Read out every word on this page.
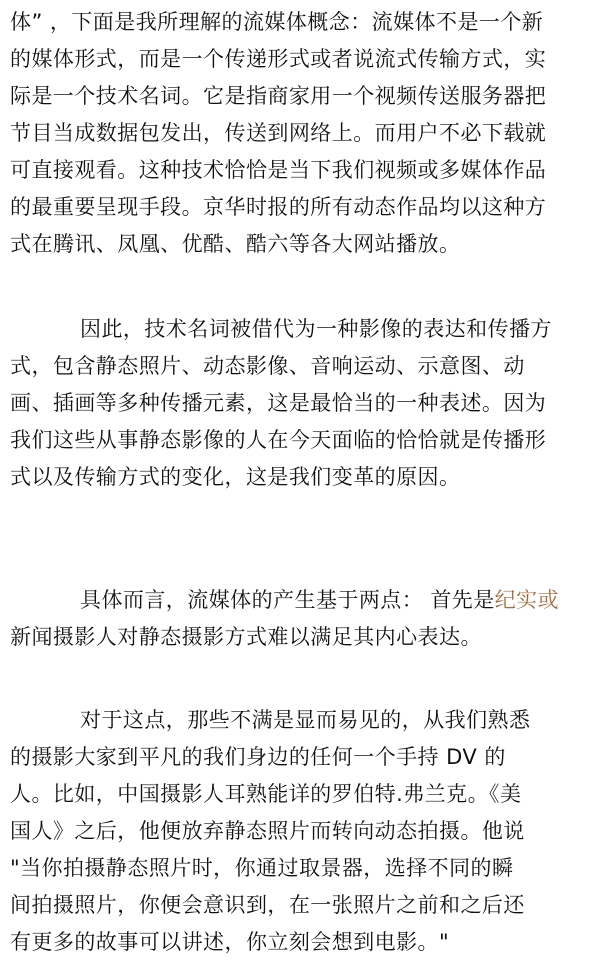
体” ，下面是我所理解的流媒体概念：流媒体不是一个新
的媒体形式，而是一个传递形式或者说流式传输方式，实
际是一个技术名词。它是指商家用一个视频传送服务器把
节目当成数据包发出，传送到网络上。而用户不必下载就
可直接观看。这种技术恰恰是当下我们视频或多媒体作品
的最重要呈现手段。京华时报的所有动态作品均以这种方
式在腾讯、凤凰、优酷、酷六等各大网站播放。
因此，技术名词被借代为一种影像的表达和传播方
式，包含静态照片、动态影像、音响运动、示意图、动
画、插画等多种传播元素，这是最恰当的一种表述。因为
我们这些从事静态影像的人在今天面临的恰恰就是传播形
式以及传输方式的变化，这是我们变革的原因。
具体而言，流媒体的产生基于两点： 首先是纪实或
新闻摄影人对静态摄影方式难以满足其内心表达。
对于这点，那些不满是显而易见的，从我们熟悉
的摄影大家到平凡的我们身边的任何一个手持 DV 的
人。比如，中国摄影人耳熟能详的罗伯特.弗兰克。《美
国人》之后，他便放弃静态照片而转向动态拍摄。他说
"当你拍摄静态照片时，你通过取景器，选择不同的瞬
间拍摄照片，你便会意识到，在一张照片之前和之后还
有更多的故事可以讲述，你立刻会想到电影。"
